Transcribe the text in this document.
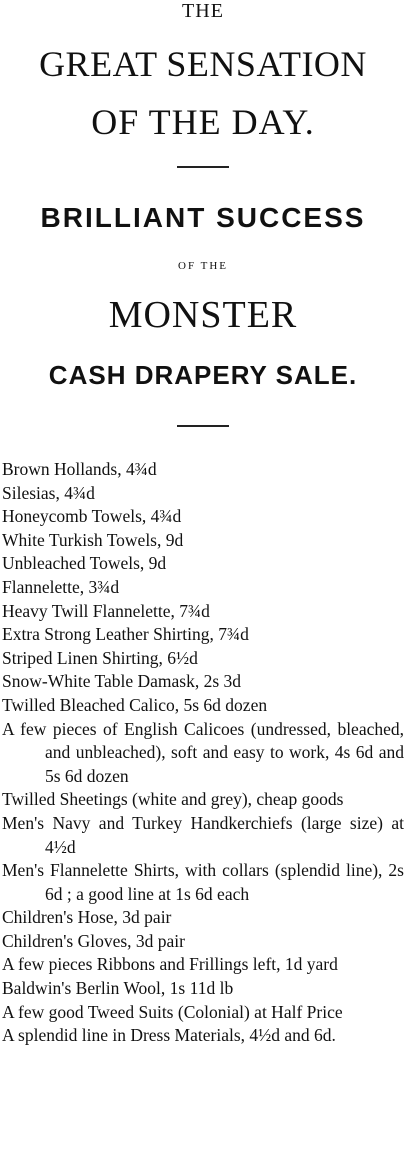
THE
GREAT SENSATION
OF THE DAY.
BRILLIANT SUCCESS
OF THE
MONSTER
CASH DRAPERY SALE.
Brown Hollands, 4¾d
Silesias, 4¾d
Honeycomb Towels, 4¾d
White Turkish Towels, 9d
Unbleached Towels, 9d
Flannelette, 3¾d
Heavy Twill Flannelette, 7¾d
Extra Strong Leather Shirting, 7¾d
Striped Linen Shirting, 6½d
Snow-White Table Damask, 2s 3d
Twilled Bleached Calico, 5s 6d dozen
A few pieces of English Calicoes (undressed, bleached, and unbleached), soft and easy to work, 4s 6d and 5s 6d dozen
Twilled Sheetings (white and grey), cheap goods
Men's Navy and Turkey Handkerchiefs (large size) at 4½d
Men's Flannelette Shirts, with collars (splendid line), 2s 6d ; a good line at 1s 6d each
Children's Hose, 3d pair
Children's Gloves, 3d pair
A few pieces Ribbons and Frillings left, 1d yard
Baldwin's Berlin Wool, 1s 11d lb
A few good Tweed Suits (Colonial) at Half Price
A splendid line in Dress Materials, 4½d and 6d.
